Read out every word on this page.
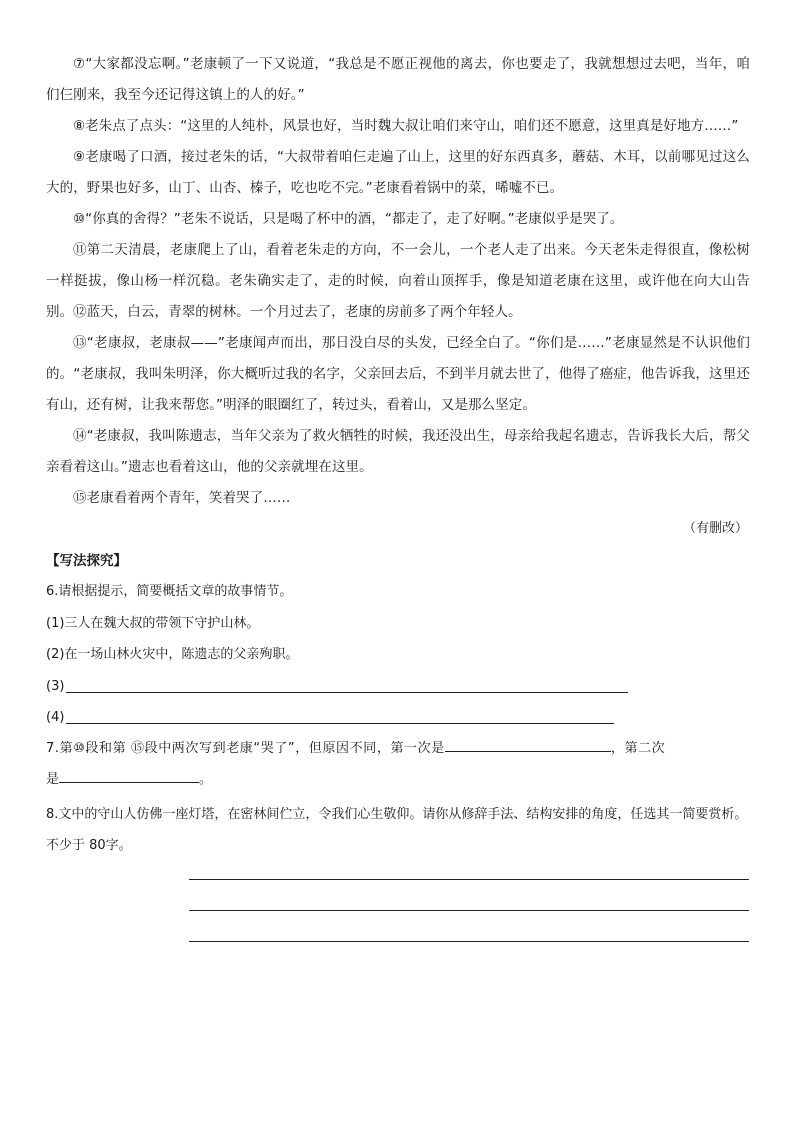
⑦“大家都没忘啊。”老康顿了一下又说道，“我总是不愿正视他的离去，你也要走了，我就想想过去吧，当年，咱们仨刚来，我至今还记得这镇上的人的好。”

⑧老朱点了点头：“这里的人纯朴，风景也好，当时魏大叔让咱们来守山，咱们还不愿意，这里真是好地方……”

⑨老康喝了口酒，接过老朱的话，“大叔带着咱仨走遍了山上，这里的好东西真多，蘑菇、木耳，以前哪见过这么大的，野果也好多，山丁、山杏、榛子，吃也吃不完。”老康看着锅中的菜，唏嘘不已。

⑩“你真的舍得？”老朱不说话，只是喝了杯中的酒，“都走了，走了好啊。”老康似乎是哭了。

⑪第二天清晨，老康爬上了山，看着老朱走的方向，不一会儿，一个老人走了出来。今天老朱走得很直，像松树一样挺拔，像山杨一样沉稳。老朱确实走了，走的时候，向着山顶挥手，像是知道老康在这里，或许他在向大山告别。 ⑫蓝天，白云，青翠的树林。一个月过去了，老康的房前多了两个年轻人。

⑬“老康叔，老康叔——”老康闻声而出，那日没白尽的头发，已经全白了。“你们是……”老康显然是不认识他们的。“老康叔，我叫朱明泽，你大概听过我的名字，父亲回去后，不到半月就去世了，他得了癌症，他告诉我，这里还有山，还有树，让我来帮您。”明泽的眼圈红了，转过头，看着山，又是那么坚定。

⑭“老康叔，我叫陈遗志，当年父亲为了救火牺牲的时候，我还没出生，母亲给我起名遗志，告诉我长大后，帮父亲看着这山。”遗志也看着这山，他的父亲就埋在这里。

⑮老康看着两个青年，笑着哭了……

（有删改）
【写法探究】

6.请根据提示，简要概括文章的故事情节。

(1)三人在魏大叔的带领下守护山林。
(2)在一场山林火灾中，陈遗志的父亲殉职。
(3)
(4)

7.第⑩段和第 ⑮段中两次写到老康“哭了”，但原因不同，第一次是	，第二次

是	。

8.文中的守山人仿佛一座灯塔，在密林间伫立，令我们心生敬仰。请你从修辞手法、结构安排的角度，任选其一简要赏析。不少于 80字。
